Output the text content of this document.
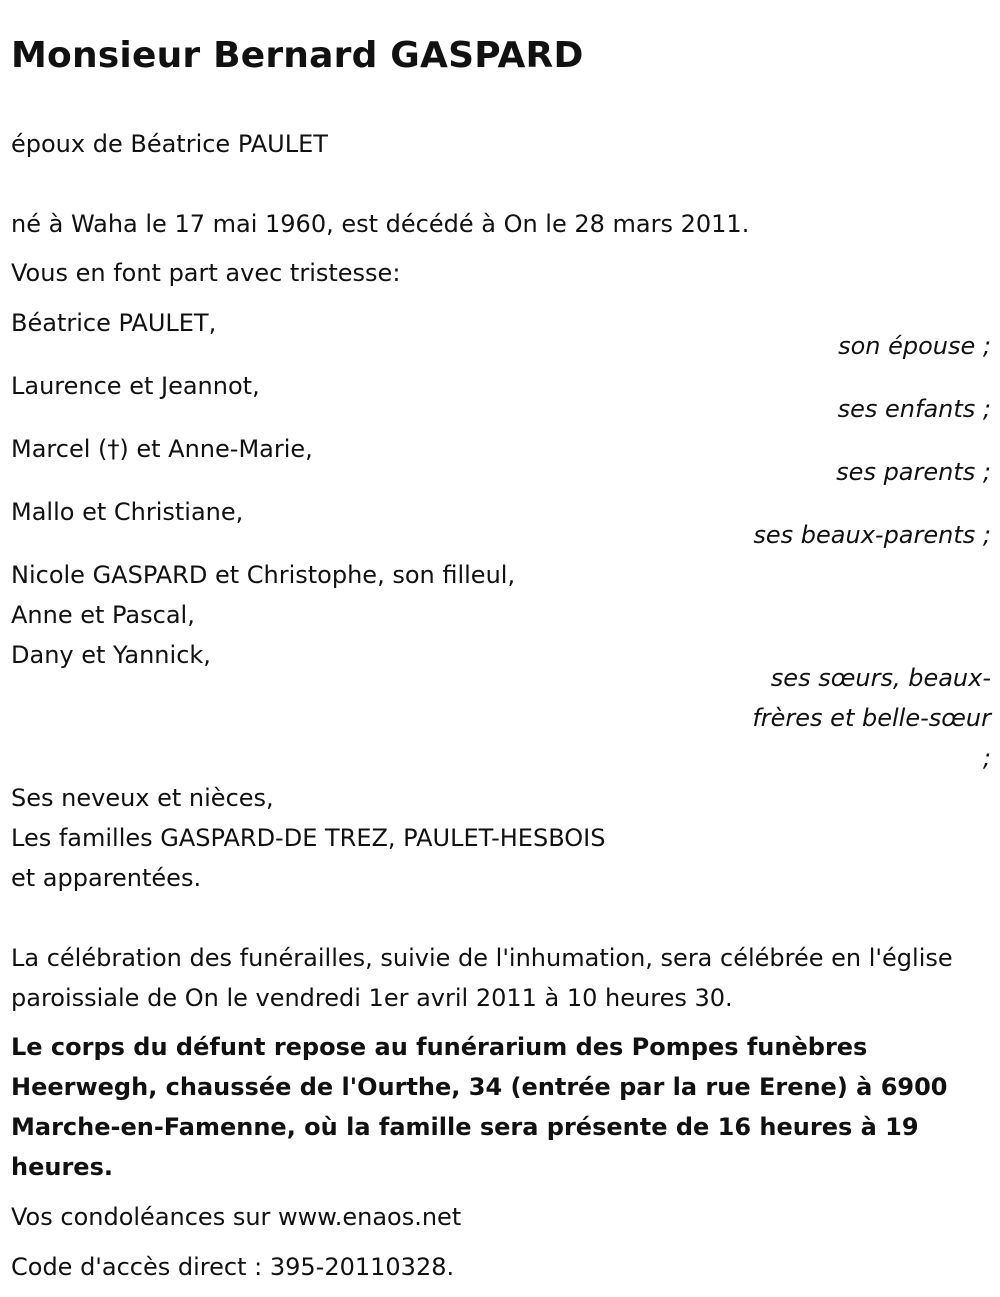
Monsieur Bernard GASPARD
époux de Béatrice PAULET
né à Waha le 17 mai 1960, est décédé à On le 28 mars 2011.
Vous en font part avec tristesse:
Béatrice PAULET,
son épouse ;
Laurence et Jeannot,
ses enfants ;
Marcel (†) et Anne-Marie,
ses parents ;
Mallo et Christiane,
ses beaux-parents ;
Nicole GASPARD et Christophe, son filleul,
Anne et Pascal,
Dany et Yannick,
ses sœurs, beaux-
frères et belle-sœur
;
Ses neveux et nièces,
Les familles GASPARD-DE TREZ, PAULET-HESBOIS
et apparentées.
La célébration des funérailles, suivie de l'inhumation, sera célébrée en l'église paroissiale de On le vendredi 1er avril 2011 à 10 heures 30.
Le corps du défunt repose au funérarium des Pompes funèbres Heerwegh, chaussée de l'Ourthe, 34 (entrée par la rue Erene) à 6900 Marche-en-Famenne, où la famille sera présente de 16 heures à 19 heures.
Vos condoléances sur www.enaos.net
Code d'accès direct : 395-20110328.
